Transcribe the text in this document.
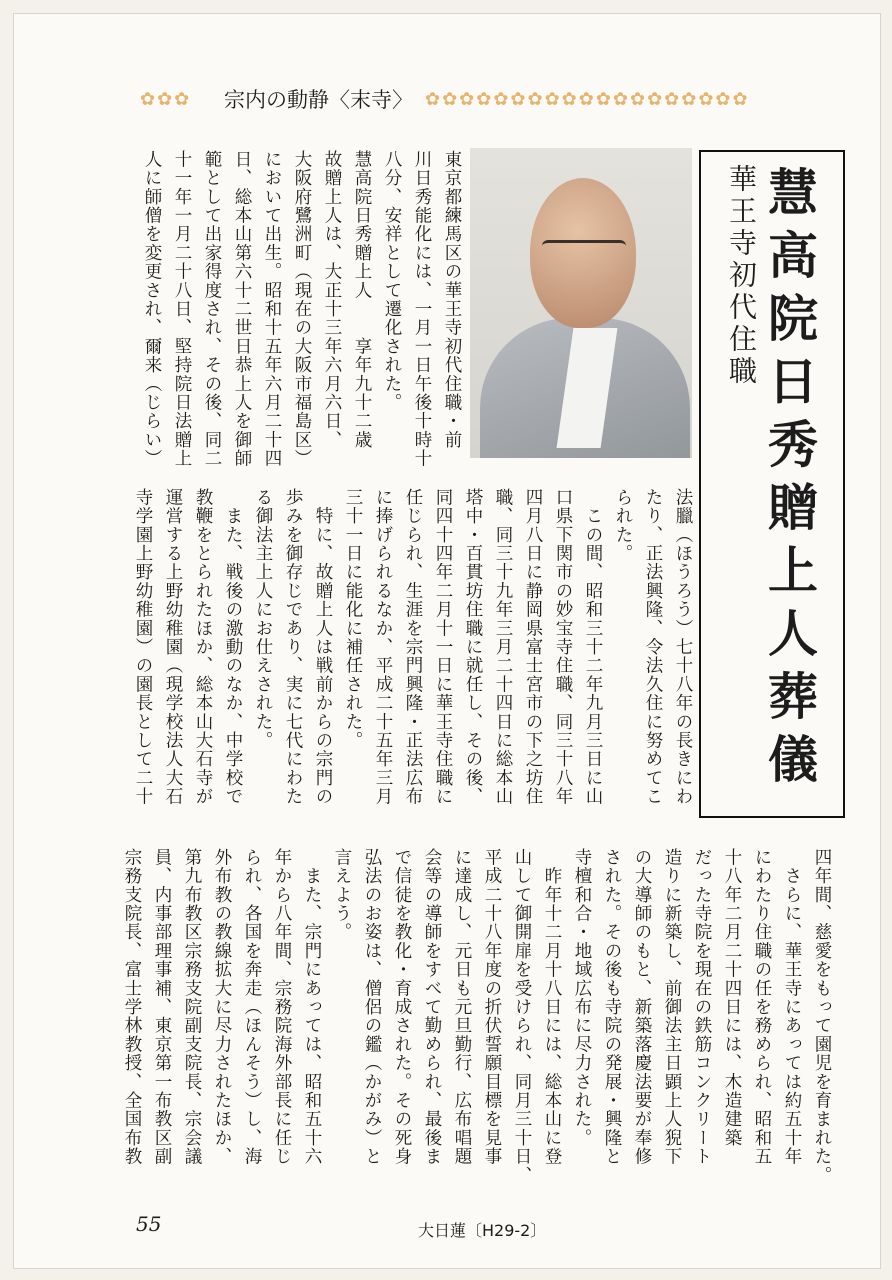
✿✿✿	宗内の動静〈末寺〉 ✿✿✿✿✿✿✿✿✿✿✿✿✿✿✿✿✿✿✿

東京都練馬区の華王寺初代住職・前
川日秀能化には、一月一日午後十時十
八分、安祥として遷化された。
慧高院日秀贈上人　　享年九十二歳
故贈上人は、大正十三年六月六日、
大阪府鷺洲町（現在の大阪市福島区）
において出生。昭和十五年六月二十四
日、総本山第六十二世日恭上人を御師
範として出家得度され、その後、同二
十一年一月二十八日、堅持院日法贈上
人に師僧を変更され、爾来（じらい）	華王寺初代住職 慧高院日秀贈上人葬儀

法臘（ほうろう）七十八年の長きにわ
たり、正法興隆、令法久住に努めてこ
られた。
　この間、昭和三十二年九月三日に山
口県下関市の妙宝寺住職、同三十八年
四月八日に静岡県富士宮市の下之坊住
職、同三十九年三月二十四日に総本山
塔中・百貫坊住職に就任し、その後、
同四十四年二月十一日に華王寺住職に
任じられ、生涯を宗門興隆・正法広布
に捧げられるなか、平成二十五年三月
三十一日に能化に補任された。
　特に、故贈上人は戦前からの宗門の
歩みを御存じであり、実に七代にわた
る御法主上人にお仕えされた。
　また、戦後の激動のなか、中学校で
教鞭をとられたほか、総本山大石寺が
運営する上野幼稚園（現学校法人大石
寺学園上野幼稚園）の園長として二十

四年間、慈愛をもって園児を育まれた。
　さらに、華王寺にあっては約五十年
にわたり住職の任を務められ、昭和五
十八年二月二十四日には、木造建築
だった寺院を現在の鉄筋コンクリート
造りに新築し、前御法主日顕上人猊下
の大導師のもと、新築落慶法要が奉修
された。その後も寺院の発展・興隆と
寺檀和合・地域広布に尽力された。
　昨年十二月十八日には、総本山に登
山して御開扉を受けられ、同月三十日、
平成二十八年度の折伏誓願目標を見事
に達成し、元日も元旦勤行、広布唱題
会等の導師をすべて勤められ、最後ま
で信徒を教化・育成された。その死身
弘法のお姿は、僧侶の鑑（かがみ）と
言えよう。
　また、宗門にあっては、昭和五十六
年から八年間、宗務院海外部長に任じ
られ、各国を奔走（ほんそう）し、海
外布教の教線拡大に尽力されたほか、
第九布教区宗務支院副支院長、宗会議
員、内事部理事補、東京第一布教区副
宗務支院長、富士学林教授、全国布教

55	大日蓮〔H29-2〕
